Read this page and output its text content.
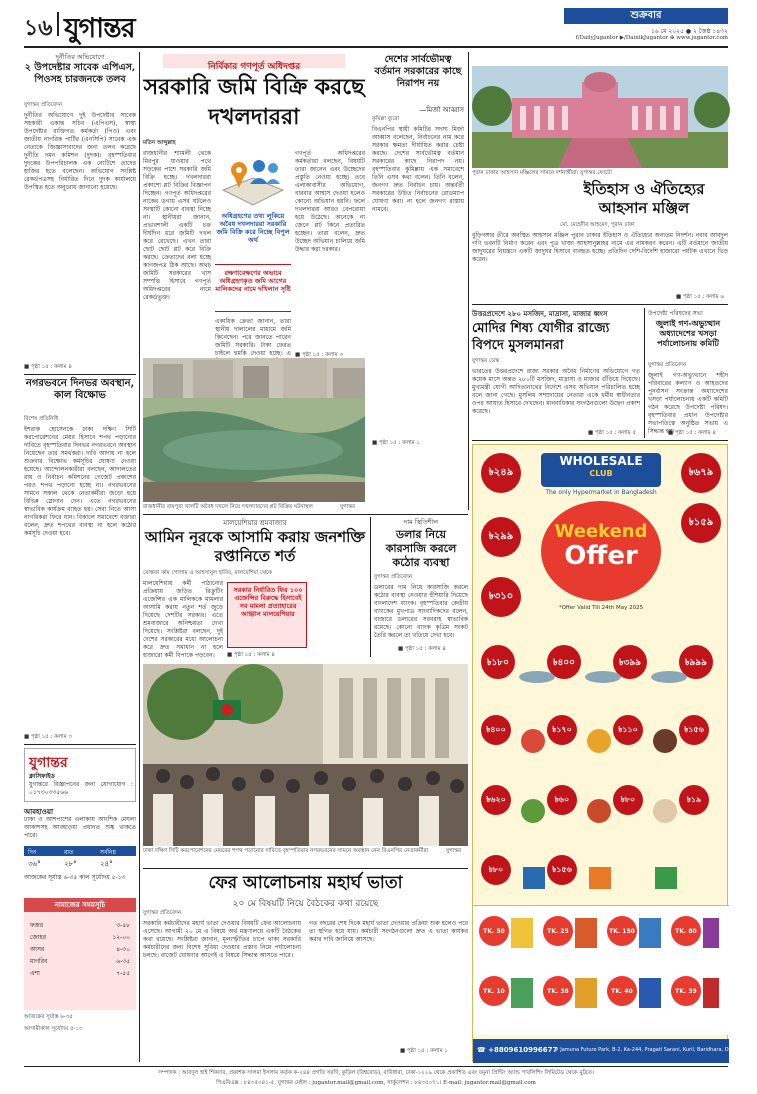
১৬ যুগান্তর	শুক্রবার
১৬ মে ২০২৫ ● ২ জৈষ্ঠ ১৪৩২
f/DailyJugantor ▶/DainikJugantor ⊕ www.jugantor.com
দুর্নীতির অভিযোগে
২ উপদেষ্টার সাবেক এপিএস, পিওসহ চারজনকে তলব
যুগান্তর প্রতিবেদন
দুর্নীতির অভিযোগে দুই উপদেষ্টার সাবেক সহকারী একান্ত সচিব (এপিএস), স্বাস্থ্য উপদেষ্টার ব্যক্তিগত কর্মকর্তা (পিও) এবং জাতীয় নাগরিক পার্টির (এনসিপি) সাবেক এক নেতাকে জিজ্ঞাসাবাদের জন্য তলব করেছে দুর্নীতি দমন কমিশন (দুদক)। বৃহস্পতিবার দুদকের উপপরিচালক এক নোটিশে তাদের হাজির হতে বলেছেন। অভিযোগ সংশ্লিষ্ট রেকর্ডপত্রসহ নির্ধারিত দিনে দুদক কার্যালয়ে উপস্থিত হতে অনুরোধ জানানো হয়েছে।
■ পৃষ্ঠা ১৫ : কলাম ৪
নগরভবনে দিনভর অবস্থান, কাল বিক্ষোভ
বিশেষ প্রতিনিধি
ইশরাক হোসেনকে ঢাকা দক্ষিণ সিটি করপোরেশনের মেয়র হিসাবে শপথ পড়ানোর দাবিতে বৃহস্পতিবার দিনভর নগরভবনে অবস্থান নিয়েছেন তার সমর্থকরা। দাবি আদায় না হলে শুক্রবার বিক্ষোভ কর্মসূচির ঘোষণা দেওয়া হয়েছে। আন্দোলনকারীরা বলছেন, আদালতের রায় ও নির্বাচন কমিশনের গেজেট প্রকাশের পরও শপথ পড়ানো হচ্ছে না। নগরভবনের সামনে সকাল থেকে নেতাকর্মীরা জড়ো হয়ে বিভিন্ন স্লোগান দেন। এতে নগরভবনের স্বাভাবিক কার্যক্রম ব্যাহত হয়। সেবা নিতে আসা নাগরিকরা ফিরে যান। বিকালে সমাবেশে বক্তারা বলেন, দ্রুত শপথের ব্যবস্থা না হলে কঠোর কর্মসূচি দেওয়া হবে।
■ পৃষ্ঠা ১৫ : কলাম ৩
যুগান্তর
ক্লাসিফাইড
যুগান্তরে বিজ্ঞাপনের জন্য যোগাযোগ : ০১৭৩০৩৩৫৬৬
আবহাওয়া
ঢাকা ও আশপাশের এলাকায় আংশিক মেঘলা আকাশসহ আবহাওয়া প্রধানত শুষ্ক থাকতে পারে।
দিন	রাত	সর্বনিম্ন
৩৬°	২৮°	২৪°
আজকের সূর্যাস্ত ৬-৩৫ কাল সূর্যোদয় ৫-১৩
নামাজের সময়সূচি
ফজর	৩-৫৮
জোহর	১২-০০
আসর	৪-৩০
মাগরিব	৬-৩৫
এশা	৭-৫৫
আজকের সূর্যাস্ত ৬-৩৫
আগামীকাল সূর্যোদয় ৫-১৩
নির্বিকার গণপূর্ত অধিদপ্তর
সরকারি জমি বিক্রি করছে দখলদাররা
মতিন আব্দুল্লাহ
রাজধানীর শ্যামলী থেকে মিরপুর যাওয়ার পথে সড়কের পাশে সরকারি জমি বিক্রি হচ্ছে। দখলদাররা প্রকাশ্যে প্লট বিক্রির বিজ্ঞাপন দিচ্ছেন। গণপূর্ত অধিদপ্তরের নাকের ডগায় এসব ঘটলেও সংস্থাটি কোনো ব্যবস্থা নিচ্ছে না। স্থানীয়রা জানান, প্রভাবশালী একটি চক্র দীর্ঘদিন ধরে জমিটি দখল করে রেখেছে। এখন তারা ছোট ছোট প্লট করে বিক্রি করছে। ক্রেতাদের বলা হচ্ছে কাগজপত্র ঠিক আছে। অথচ জমিটি সরকারের খাস সম্পত্তি হিসাবে গণপূর্ত অধিদপ্তরের নামে রেকর্ডভুক্ত।
অধিগ্রহণের তথ্য লুকিয়ে অবৈধ দখলদাররা সরকারি জমি বিক্রি করে নিচ্ছে বিপুল অর্থ
গণপূর্ত অধিদপ্তরের কর্মকর্তারা বলছেন, বিষয়টি তারা জানেন এবং উচ্ছেদের প্রস্তুতি নেওয়া হচ্ছে। তবে এলাকাবাসীর অভিযোগ, বারবার আশ্বাস দেওয়া হলেও কোনো অভিযান হয়নি। ফলে দখলদাররা আরও বেপরোয়া হয়ে উঠেছে। অনেকে না জেনে প্লট কিনে প্রতারিত হচ্ছেন। তারা বলেন, দ্রুত উচ্ছেদ অভিযান চালিয়ে জমি উদ্ধার করা দরকার।
রক্ষণাবেক্ষণের অভাবে অধিগ্রহণকৃত জমি আগের মালিকদের নামে দখিলান সৃষ্টি
একাধিক ক্রেতা জানান, তারা স্থানীয় দালালের মাধ্যমে জমি কিনেছেন। পরে জানতে পারেন জমিটি সরকারি। টাকা ফেরত চাইলে হুমকি দেওয়া হচ্ছে। এ ■ পৃষ্ঠা ১৫ : কলাম ৩
রাজধানীর রামপুরা খালটি অবৈধ দখলে নিয়ে দখলদারদের প্লট বিক্রির ঘটনাস্থল	যুগান্তর
দেশের সার্বভৌমত্ব বর্তমান সরকারের কাছে নিরাপদ নয়
—মির্জা আব্বাস
কুমিল্লা ব্যুরো
বিএনপির স্থায়ী কমিটির সদস্য মির্জা আব্বাস বলেছেন, নির্বাচনের নাম করে সরকার ক্ষমতা দীর্ঘায়িত করার চেষ্টা করছে। দেশের সার্বভৌমত্ব বর্তমান সরকারের কাছে নিরাপদ নয়। বৃহস্পতিবার কুমিল্লায় এক সমাবেশে তিনি এসব কথা বলেন। তিনি বলেন, জনগণ দ্রুত নির্বাচন চায়। অন্তর্বর্তী সরকারের উচিত নির্বাচনের রোডম্যাপ ঘোষণা করা। না হলে জনগণ রাস্তায় নামবে।
■ পৃষ্ঠা ১৫ : কলাম ১
পুরান ঢাকার আহসান মঞ্জিলের সামনে দর্শনার্থীরা। যুগান্তর ফোটো
ইতিহাস ও ঐতিহ্যের আহসান মঞ্জিল
মো. মেহেদীর আহমেদ, পুরান ঢাকা
বুড়িগঙ্গার তীরে অবস্থিত আহসান মঞ্জিল পুরান ঢাকার ইতিহাস ও ঐতিহ্যের অন্যতম নিদর্শন। নবাব আবদুল গণি ভবনটি নির্মাণ করেন এবং পুত্র খাজা আহসানুল্লাহর নামে এর নামকরণ করেন। এটি বর্তমানে জাতীয় জাদুঘরের নিয়ন্ত্রণে একটি জাদুঘর হিসাবে ব্যবহৃত হচ্ছে। প্রতিদিন দেশি-বিদেশি হাজারো পর্যটক এখানে ভিড় করেন।
■ পৃষ্ঠা ১৫ : কলাম ৬
উত্তরপ্রদেশে ২৮০ মসজিদ, মাদ্রাসা, মাজার ধ্বংস
মোদির শিষ্য যোগীর রাজ্যে বিপদে মুসলমানরা
যুগান্তর ডেস্ক
ভারতের উত্তরপ্রদেশে রাজ্য সরকার অবৈধ নির্মাণের অভিযোগে গত কয়েক মাসে অন্তত ২৮০টি মসজিদ, মাদ্রাসা ও মাজার গুঁড়িয়ে দিয়েছে। মুখ্যমন্ত্রী যোগী আদিত্যনাথের নির্দেশে এসব অভিযান পরিচালিত হচ্ছে বলে জানা গেছে। মুসলিম সম্প্রদায়ের নেতারা একে ধর্মীয় স্বাধীনতার ওপর আঘাত হিসাবে দেখছেন। মানবাধিকার সংগঠনগুলো উদ্বেগ প্রকাশ করেছে।
■ পৃষ্ঠা ১৫ : কলাম ৫
উপদেষ্টা পরিষদের সভা
জুলাই গণ-অভ্যুত্থান অধ্যাদেশের খসড়া পর্যালোচনায় কমিটি
যুগান্তর প্রতিবেদন
জুলাই গণ-অভ্যুত্থানে শহীদ পরিবারের কল্যাণ ও আহতদের পুনর্বাসন সংক্রান্ত অধ্যাদেশের খসড়া পর্যালোচনায় একটি কমিটি গঠন করেছে উপদেষ্টা পরিষদ। বৃহস্পতিবার প্রধান উপদেষ্টার সভাপতিত্বে অনুষ্ঠিত সভায় এ সিদ্ধান্ত হয়।
■ পৃষ্ঠা ১৫ : কলাম ৪
মালয়েশিয়ার শ্রমবাজার
আমিন নূরকে আসামি করায় জনশক্তি রপ্তানিতে শর্ত
মোস্তফা কাম গোলাম ও আহসানুল হাবিব, মালয়েশিয়া থেকে
মালয়েশিয়ায় কর্মী পাঠানোর প্রক্রিয়ায় জড়িত রিক্রুটিং এজেন্সির এক মালিককে মামলার আসামি করায় নতুন শর্ত জুড়ে দিয়েছে দেশটির সরকার। এতে শ্রমবাজারে অনিশ্চয়তা দেখা দিয়েছে। সংশ্লিষ্টরা বলছেন, দুই দেশের সরকারের মধ্যে আলোচনা করে দ্রুত সমাধান না হলে হাজারো কর্মী বিপাকে পড়বেন।
সরকার নির্ধারিত ফির ১০০ এজেন্সির বিরুদ্ধে হিসাবেই সব মামলা প্রত্যাহারের আহ্বান মালয়েশিয়ার
■ পৃষ্ঠা ১৫ : কলাম ৪
দাম স্থিতিশীল
ডলার নিয়ে কারসাজি করলে কঠোর ব্যবস্থা
যুগান্তর প্রতিবেদন
ডলারের দাম নিয়ে কারসাজি করলে কঠোর ব্যবস্থা নেওয়ার হুঁশিয়ারি দিয়েছে বাংলাদেশ ব্যাংক। বৃহস্পতিবার কেন্দ্রীয় ব্যাংকের মুখপাত্র সাংবাদিকদের বলেন, বাজারে ডলারের সরবরাহ স্বাভাবিক রয়েছে। কোনো ব্যাংক কৃত্রিম সংকট তৈরি করলে তা খতিয়ে দেখা হবে।
■ পৃষ্ঠা ১৫ : কলাম ৪
ঢাকা দক্ষিণ সিটি করপোরেশনের মেয়রের শপথ পড়ানোর দাবিতে বৃহস্পতিবার নগরভবনের সামনে অবস্থান নেন বিএনপির নেতাকর্মীরা	যুগান্তর
ফের আলোচনায় মহার্ঘ ভাতা
২০ মে বিষয়টি নিয়ে বৈঠকের কথা রয়েছে
যুগান্তর প্রতিবেদন
সরকারি কর্মচারীদের মহার্ঘ ভাতা দেওয়ার বিষয়টি ফের আলোচনায় এসেছে। আগামী ২০ মে এ বিষয়ে অর্থ মন্ত্রণালয়ে একটি বৈঠকের কথা রয়েছে। সংশ্লিষ্টরা জানান, মূল্যস্ফীতির চাপে থাকা সরকারি কর্মচারীদের জন্য বিশেষ সুবিধা দেওয়ার প্রস্তাব নিয়ে পর্যালোচনা চলছে। বাজেট ঘোষণার আগেই এ বিষয়ে সিদ্ধান্ত আসতে পারে।
গত বছরের শেষ দিকে মহার্ঘ ভাতা দেওয়ার প্রক্রিয়া শুরু হলেও পরে তা স্থগিত হয়ে যায়। কর্মচারী সংগঠনগুলো দ্রুত এ ভাতা কার্যকর করার দাবি জানিয়ে আসছে।
■ পৃষ্ঠা ১৫ : কলাম ১
WHOLESALE
CLUB
The only Hypermarket in Bangladesh
Weekend
Offer
*Offer Valid Till 24th May 2025
৳২৪৯	৳৬৭৯
৳১৫৯
৳২৯৯
৳৩১০
৳১৮০	৳৪০০	৳৩৯৯	৳৯৯৯
৳৪০০	৳১৭০	৳১১০	৳১৫৬
৳৬২০	৳৬০	৳৮০	৳১৯
৳৮০	৳১৫৬
TK. 50	TK. 25	TK. 150	TK. 80
TK. 10	TK. 38	TK. 40	TK. 39
☎ +8809610996677
⚲ Jamuna Future Park, B-2, Ka-244, Pragati Sarani, Kuril, Baridhara, Dhaka-1229.
সম্পাদক : আবদুল হাই শিকদার, প্রকাশক সালমা ইসলাম কর্তৃক ক-২৪৪ প্রগতি সরণি, কুড়িল (বিশ্বরোড), বারিধারা, ঢাকা-১২২৯ থেকে প্রকাশিত এবং যমুনা প্রিন্টিং অ্যান্ড পাবলিশিং লিমিটেড থেকে মুদ্রিত।
পিএবিএক্স : ৮৪৩৫০৪১-৫, যুগান্তর মেইল : jugantor.mail@gmail.com, সার্কুলেশন : ৮৪৩৫০৭১। E-mail: jugantor.mail@gmail.com
